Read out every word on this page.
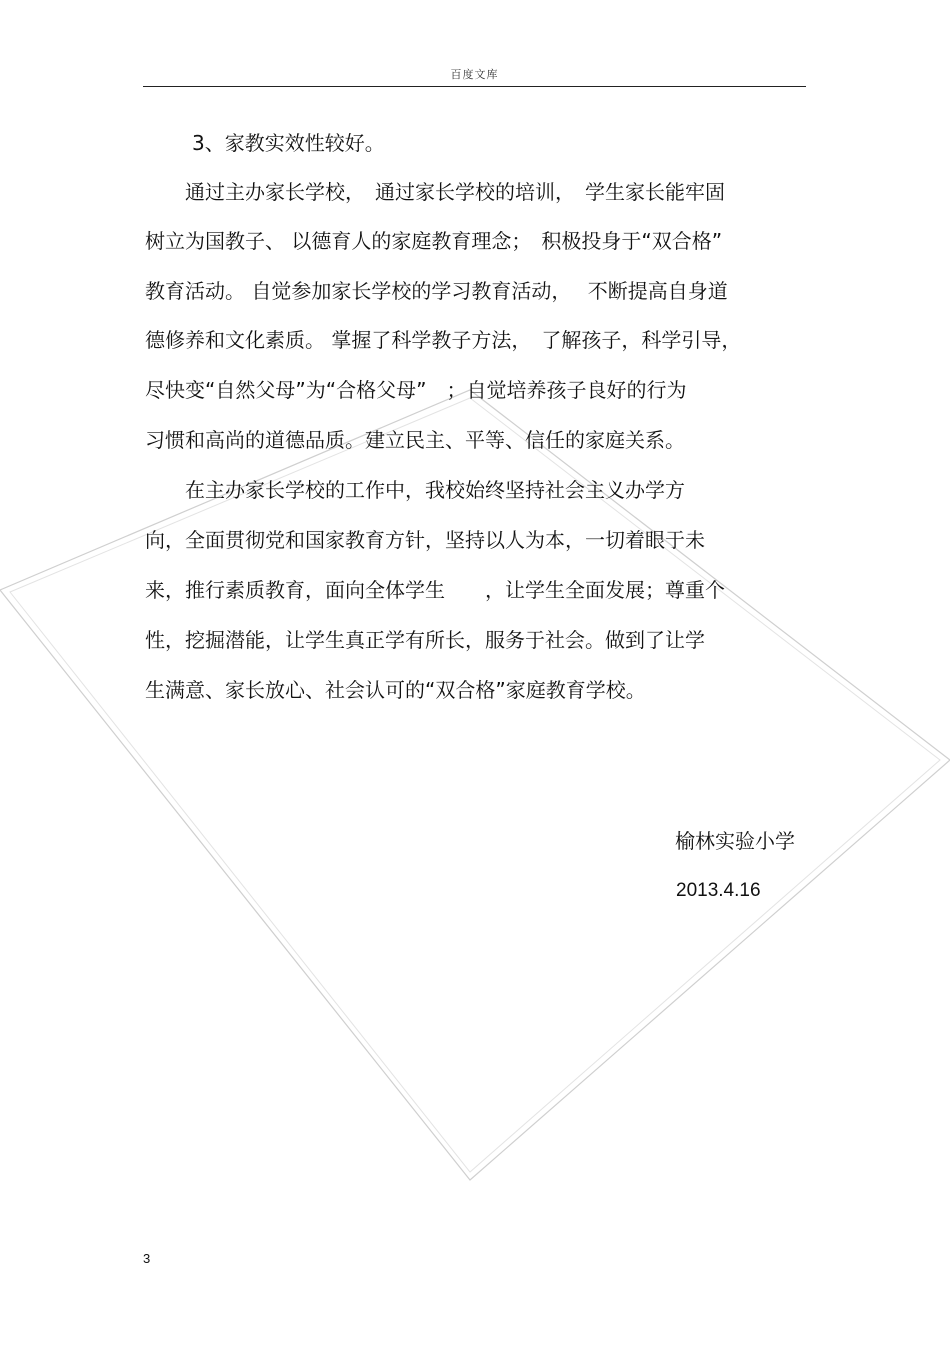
百度文库
3、家教实效性较好。
　　通过主办家长学校，　通过家长学校的培训，　学生家长能牢固
树立为国教子、 以德育人的家庭教育理念；　积极投身于“双合格”
教育活动。 自觉参加家长学校的学习教育活动，　 不断提高自身道
德修养和文化素质。 掌握了科学教子方法，　了解孩子，科学引导，
尽快变“自然父母”为“合格父母”　；自觉培养孩子良好的行为
习惯和高尚的道德品质。建立民主、平等、信任的家庭关系。
　　在主办家长学校的工作中，我校始终坚持社会主义办学方
向，全面贯彻党和国家教育方针，坚持以人为本，一切着眼于未
来，推行素质教育，面向全体学生　　，让学生全面发展；尊重个
性，挖掘潜能，让学生真正学有所长，服务于社会。做到了让学
生满意、家长放心、社会认可的“双合格”家庭教育学校。
榆林实验小学
2013.4.16
3
